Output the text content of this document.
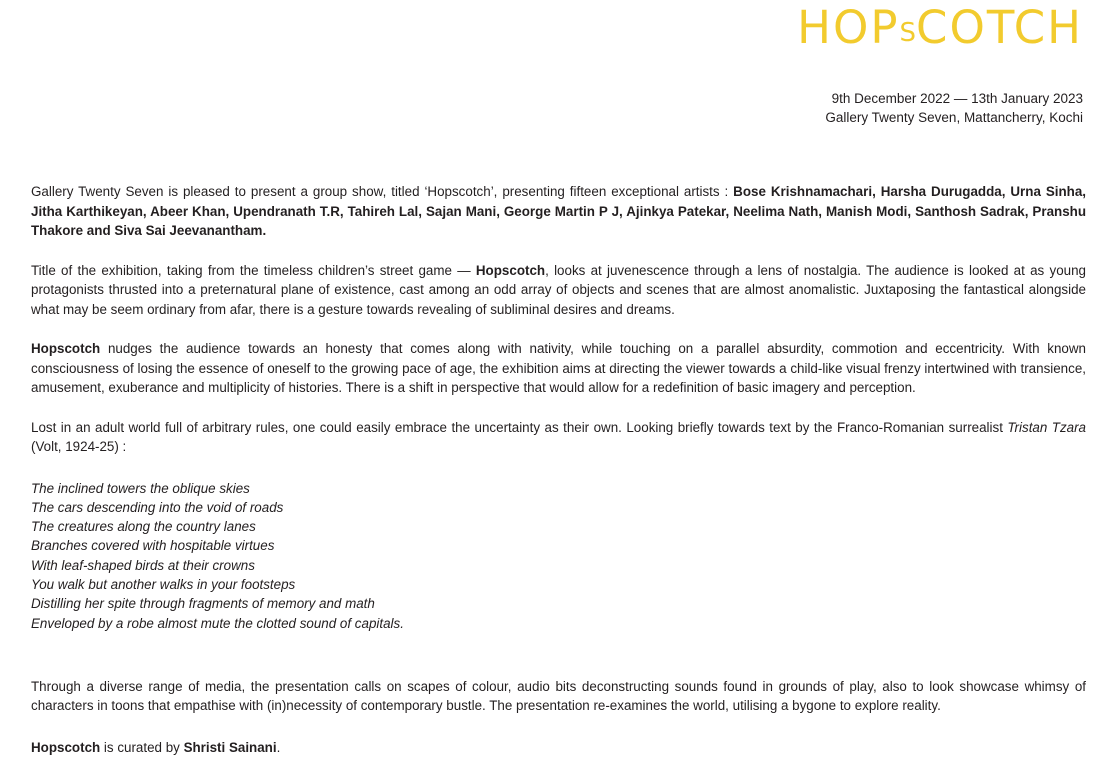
HOPSCOTCH
9th December 2022 — 13th January 2023
Gallery Twenty Seven, Mattancherry, Kochi

Gallery Twenty Seven is pleased to present a group show, titled ‘Hopscotch’, presenting fifteen exceptional artists : Bose Krishnamachari, Harsha Durugadda, Urna Sinha, Jitha Karthikeyan, Abeer Khan, Upendranath T.R, Tahireh Lal, Sajan Mani, George Martin P J, Ajinkya Patekar, Neelima Nath, Manish Modi, Santhosh Sadrak, Pranshu Thakore and Siva Sai Jeevanantham.

Title of the exhibition, taking from the timeless children’s street game — Hopscotch, looks at juvenescence through a lens of nostalgia. The audience is looked at as young protagonists thrusted into a preternatural plane of existence, cast among an odd array of objects and scenes that are almost anomalistic. Juxtaposing the fantastical alongside what may be seem ordinary from afar, there is a gesture towards revealing of subliminal desires and dreams.

Hopscotch nudges the audience towards an honesty that comes along with nativity, while touching on a parallel absurdity, commotion and eccentricity. With known consciousness of losing the essence of oneself to the growing pace of age, the exhibition aims at directing the viewer towards a child-like visual frenzy intertwined with transience, amusement, exuberance and multiplicity of histories. There is a shift in perspective that would allow for a redefinition of basic imagery and perception.

Lost in an adult world full of arbitrary rules, one could easily embrace the uncertainty as their own. Looking briefly towards text by the Franco-Romanian surrealist Tristan Tzara (Volt, 1924-25) :

The inclined towers the oblique skies
The cars descending into the void of roads
The creatures along the country lanes
Branches covered with hospitable virtues
With leaf-shaped birds at their crowns
You walk but another walks in your footsteps
Distilling her spite through fragments of memory and math
Enveloped by a robe almost mute the clotted sound of capitals.

Through a diverse range of media, the presentation calls on scapes of colour, audio bits deconstructing sounds found in grounds of play, also to look showcase whimsy of characters in toons that empathise with (in)necessity of contemporary bustle. The presentation re-examines the world, utilising a bygone to explore reality.

Hopscotch is curated by Shristi Sainani.
